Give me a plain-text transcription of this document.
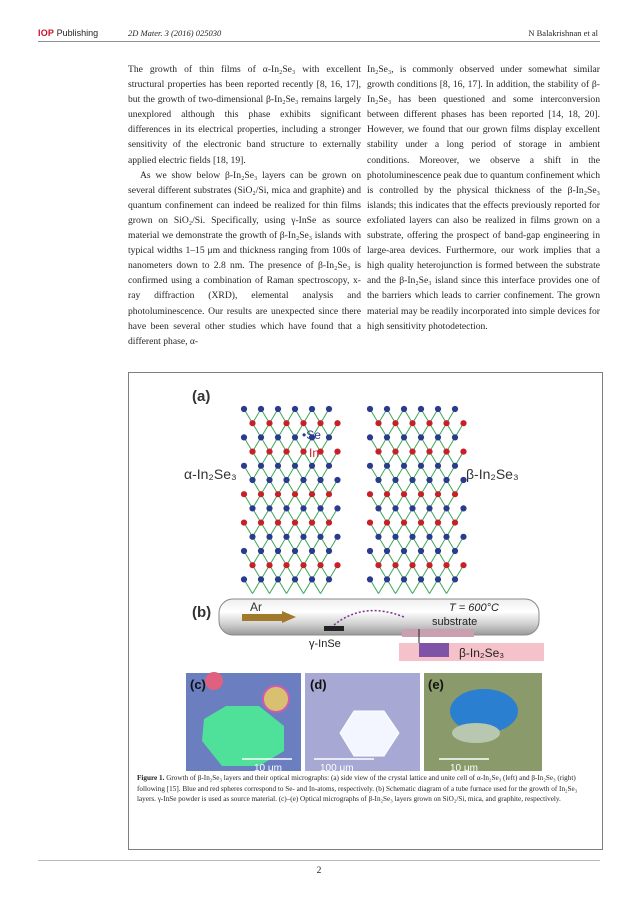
IOP Publishing	2D Mater. 3 (2016) 025030	N Balakrishnan et al

The growth of thin films of α-In₂Se₃ with excellent structural properties has been reported recently [8, 16, 17], but the growth of two-dimensional β-In₂Se₃ remains largely unexplored although this phase exhibits significant differences in its electrical properties, including a stronger sensitivity of the electronic band structure to externally applied electric fields [18, 19].

As we show below β-In₂Se₃ layers can be grown on several different substrates (SiO₂/Si, mica and graphite) and quantum confinement can indeed be realized for thin films grown on SiO₂/Si. Specifically, using γ-InSe as source material we demonstrate the growth of β-In₂Se₃ islands with typical widths 1–15 μm and thickness ranging from 100s of nanometers down to 2.8 nm. The presence of β-In₂Se₃ is confirmed using a combination of Raman spectroscopy, x-ray diffraction (XRD), elemental analysis and photoluminescence. Our results are unexpected since there have been several other studies which have found that a different phase, α-

In₂Se₃, is commonly observed under somewhat similar growth conditions [8, 16, 17]. In addition, the stability of β-In₂Se₃ has been questioned and some interconversion between different phases has been reported [14, 18, 20]. However, we found that our grown films display excellent stability under a long period of storage in ambient conditions. Moreover, we observe a shift in the photoluminescence peak due to quantum confinement which is controlled by the physical thickness of the β-In₂Se₃ islands; this indicates that the effects previously reported for exfoliated layers can also be realized in films grown on a substrate, offering the prospect of band-gap engineering in large-area devices. Furthermore, our work implies that a high quality heterojunction is formed between the substrate and the β-In₂Se₃ island since this interface provides one of the barriers which leads to carrier confinement. The grown material may be readily incorporated into simple devices for high sensitivity photodetection.

(a)
•Se
In
α-In₂Se₃	β-In₂Se₃
(b)	Ar	T = 600°C
γ-InSe
substrate
β-In₂Se₃
(c)
10 μm
(d)
100 μm
(e)
10 μm
Figure 1. Growth of β-In₂Se₃ layers and their optical micrographs: (a) side view of the crystal lattice and unite cell of α-In₂Se₃ (left) and β-In₂Se₃ (right) following [15]. Blue and red spheres correspond to Se- and In-atoms, respectively. (b) Schematic diagram of a tube furnace used for the growth of In₂Se₃ layers. γ-InSe powder is used as source material. (c)–(e) Optical micrographs of β-In₂Se₃ layers grown on SiO₂/Si, mica, and graphite, respectively.
2
